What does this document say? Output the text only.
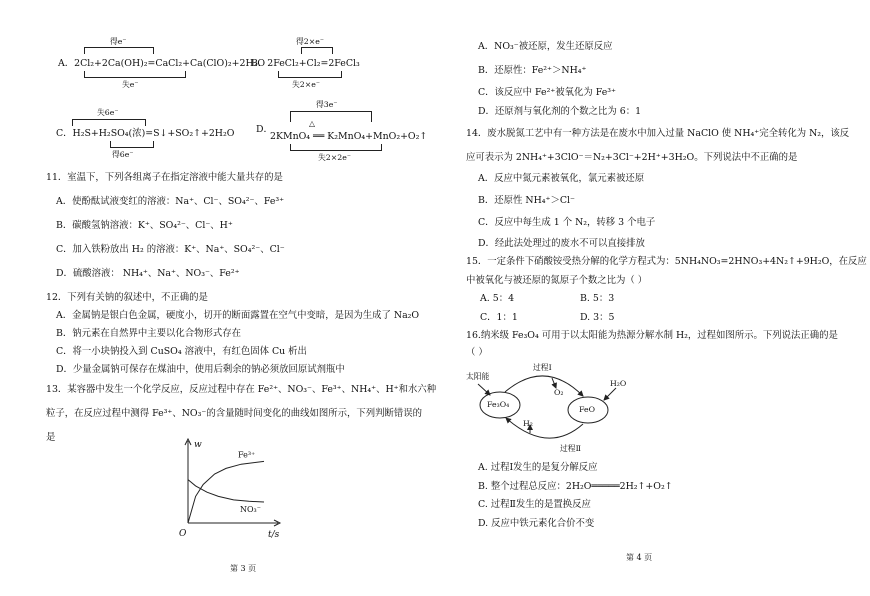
得e⁻
A．2Cl₂+2Ca(OH)₂=CaCl₂+Ca(ClO)₂+2H₂O
失e⁻
得2×e⁻
B．2FeCl₂+Cl₂=2FeCl₃
失2×e⁻
失6e⁻
C．H₂S+H₂SO₄(浓)=S↓+SO₂↑+2H₂O
得6e⁻
得3e⁻
D．
△
2KMnO₄ ══ K₂MnO₄+MnO₂+O₂↑
失2×2e⁻
11．室温下，下列各组离子在指定溶液中能大量共存的是
A．使酚酞试液变红的溶液：Na⁺、Cl⁻、SO₄²⁻、Fe³⁺
B．碳酸氢钠溶液：K⁺、SO₄²⁻、Cl⁻、H⁺
C．加入铁粉放出 H₂ 的溶液：K⁺、Na⁺、SO₄²⁻、Cl⁻
D．硫酸溶液： NH₄⁺、Na⁺、NO₃⁻、Fe²⁺
12．下列有关钠的叙述中，不正确的是
A．金属钠是银白色金属，硬度小，切开的断面露置在空气中变暗，是因为生成了 Na₂O
B．钠元素在自然界中主要以化合物形式存在
C．将一小块钠投入到 CuSO₄ 溶液中，有红色固体 Cu 析出
D．少量金属钠可保存在煤油中，使用后剩余的钠必须放回原试剂瓶中
13．某容器中发生一个化学反应，反应过程中存在 Fe²⁺、NO₃⁻、Fe³⁺、NH₄⁺、H⁺和水六种
粒子，在反应过程中测得 Fe³⁺、NO₃⁻的含量随时间变化的曲线如图所示，下列判断错误的
是
Fe³⁺
NO₃⁻
w
t/s
O
第 3 页
A．NO₃⁻被还原，发生还原反应
B．还原性：Fe²⁺＞NH₄⁺
C．该反应中 Fe²⁺被氧化为 Fe³⁺
D．还原剂与氧化剂的个数之比为 6：1
14．废水脱氮工艺中有一种方法是在废水中加入过量 NaClO 使 NH₄⁺完全转化为 N₂，该反
应可表示为 2NH₄⁺+3ClO⁻＝N₂+3Cl⁻+2H⁺+3H₂O。下列说法中不正确的是
A．反应中氮元素被氧化，氯元素被还原
B．还原性 NH₄⁺＞Cl⁻
C．反应中每生成 1 个 N₂，转移 3 个电子
D．经此法处理过的废水不可以直接排放
15．一定条件下硝酸铵受热分解的化学方程式为：5NH₄NO₃=2HNO₃+4N₂↑+9H₂O，在反应
中被氧化与被还原的氮原子个数之比为（ ）
A. 5：4	B. 5：3
C．1：1	D. 3：5
16.纳米级 Fe₃O₄ 可用于以太阳能为热源分解水制 H₂，过程如图所示。下列说法正确的是
（ ）
太阳能
Fe₃O₄
FeO
过程Ⅰ
O₂
H₂O
H₂
过程Ⅱ
A. 过程Ⅰ发生的是复分解反应
B. 整个过程总反应：2H₂O═════2H₂↑+O₂↑
C. 过程Ⅱ发生的是置换反应
D. 反应中铁元素化合价不变
第 4 页
